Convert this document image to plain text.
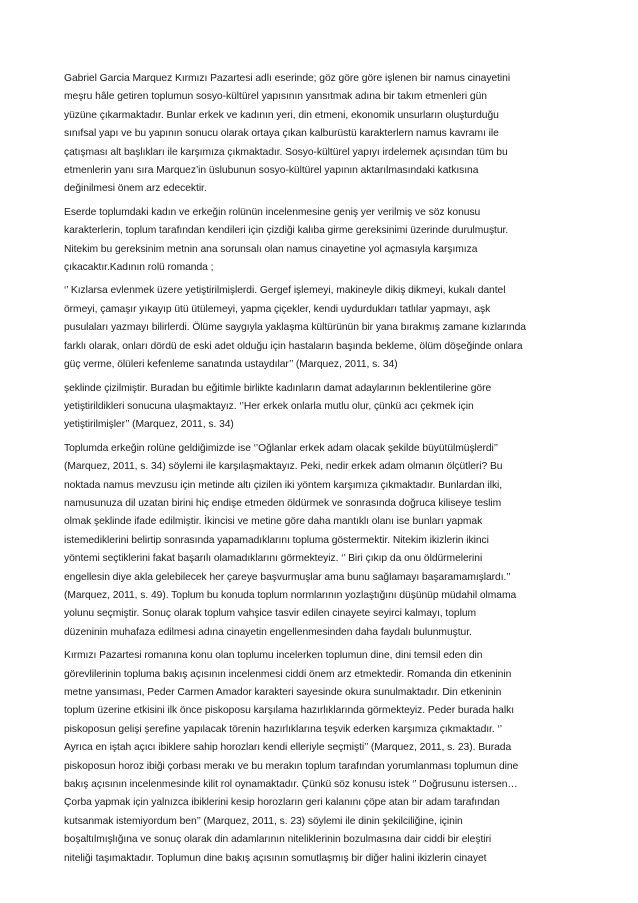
Gabriel Garcia Marquez Kırmızı Pazartesi adlı eserinde; göz göre göre işlenen bir namus cinayetini
meşru hâle getiren toplumun sosyo-kültürel yapısının yansıtmak adına bir takım etmenleri gün
yüzüne çıkarmaktadır. Bunlar erkek ve kadının yeri, din etmeni, ekonomik unsurların oluşturduğu
sınıfsal yapı ve bu yapının sonucu olarak ortaya çıkan kalburüstü karakterlern namus kavramı ile
çatışması alt başlıkları ile karşımıza çıkmaktadır. Sosyo-kültürel yapıyı irdelemek açısından tüm bu
etmenlerin yanı sıra Marquez’in üslubunun sosyo-kültürel yapının aktarılmasındaki katkısına
değinilmesi önem arz edecektir.
Eserde toplumdaki kadın ve erkeğin rolünün incelenmesine geniş yer verilmiş ve söz konusu
karakterlerin, toplum tarafından kendileri için çizdiği kalıba girme gereksinimi üzerinde durulmuştur.
Nitekim bu gereksinim metnin ana sorunsalı olan namus cinayetine yol açmasıyla karşımıza
çıkacaktır.Kadının rolü romanda ;
‘’ Kızlarsa evlenmek üzere yetiştirilmişlerdi. Gergef işlemeyi, makineyle dikiş dikmeyi, kukalı dantel
örmeyi, çamaşır yıkayıp ütü ütülemeyi, yapma çiçekler, kendi uydurdukları tatlılar yapmayı, aşk
pusulaları yazmayı bilirlerdi. Ölüme saygıyla yaklaşma kültürünün bir yana bırakmış zamane kızlarında
farklı olarak, onları dördü de eski adet olduğu için hastaların başında bekleme, ölüm döşeğinde onlara
güç verme, ölüleri kefenleme sanatında ustaydılar’’ (Marquez, 2011, s. 34)
şeklinde çizilmiştir. Buradan bu eğitimle birlikte kadınların damat adaylarının beklentilerine göre
yetiştirildikleri sonucuna ulaşmaktayız. ‘’Her erkek onlarla mutlu olur, çünkü acı çekmek için
yetiştirilmişler’’ (Marquez, 2011, s. 34)
Toplumda erkeğin rolüne geldiğimizde ise ‘’Oğlanlar erkek adam olacak şekilde büyütülmüşlerdi’’
(Marquez, 2011, s. 34) söylemi ile karşılaşmaktayız. Peki, nedir erkek adam olmanın ölçütleri? Bu
noktada namus mevzusu için metinde altı çizilen iki yöntem karşımıza çıkmaktadır. Bunlardan ilki,
namusunuza dil uzatan birini hiç endişe etmeden öldürmek ve sonrasında doğruca kiliseye teslim
olmak şeklinde ifade edilmiştir. İkincisi ve metine göre daha mantıklı olanı ise bunları yapmak
istemediklerini belirtip sonrasında yapamadıklarını topluma göstermektir. Nitekim ikizlerin ikinci
yöntemi seçtiklerini fakat başarılı olamadıklarını görmekteyiz. ‘’ Biri çıkıp da onu öldürmelerini
engellesin diye akla gelebilecek her çareye başvurmuşlar ama bunu sağlamayı başaramamışlardı.’’
(Marquez, 2011, s. 49). Toplum bu konuda toplum normlarının yozlaştığını düşünüp müdahil olmama
yolunu seçmiştir. Sonuç olarak toplum vahşice tasvir edilen cinayete seyirci kalmayı, toplum
düzeninin muhafaza edilmesi adına cinayetin engellenmesinden daha faydalı bulunmuştur.
Kırmızı Pazartesi romanına konu olan toplumu incelerken toplumun dine, dini temsil eden din
görevlilerinin topluma bakış açısının incelenmesi ciddi önem arz etmektedir. Romanda din etkeninin
metne yansıması, Peder Carmen Amador karakteri sayesinde okura sunulmaktadır. Din etkeninin
toplum üzerine etkisini ilk önce piskoposu karşılama hazırlıklarında görmekteyiz. Peder burada halkı
piskoposun gelişi şerefine yapılacak törenin hazırlıklarına teşvik ederken karşımıza çıkmaktadır. ‘’
Ayrıca en iştah açıcı ibiklere sahip horozları kendi elleriyle seçmişti’’ (Marquez, 2011, s. 23). Burada
piskoposun horoz ibiği çorbası merakı ve bu merakın toplum tarafından yorumlanması toplumun dine
bakış açısının incelenmesinde kilit rol oynamaktadır. Çünkü söz konusu istek ‘’ Doğrusunu istersen…
Çorba yapmak için yalnızca ibiklerini kesip horozların geri kalanını çöpe atan bir adam tarafından
kutsanmak istemiyordum ben’’ (Marquez, 2011, s. 23) söylemi ile dinin şekilciliğine, içinin
boşaltılmışlığına ve sonuç olarak din adamlarının niteliklerinin bozulmasına dair ciddi bir eleştiri
niteliği taşımaktadır. Toplumun dine bakış açısının somutlaşmış bir diğer halini ikizlerin cinayet
